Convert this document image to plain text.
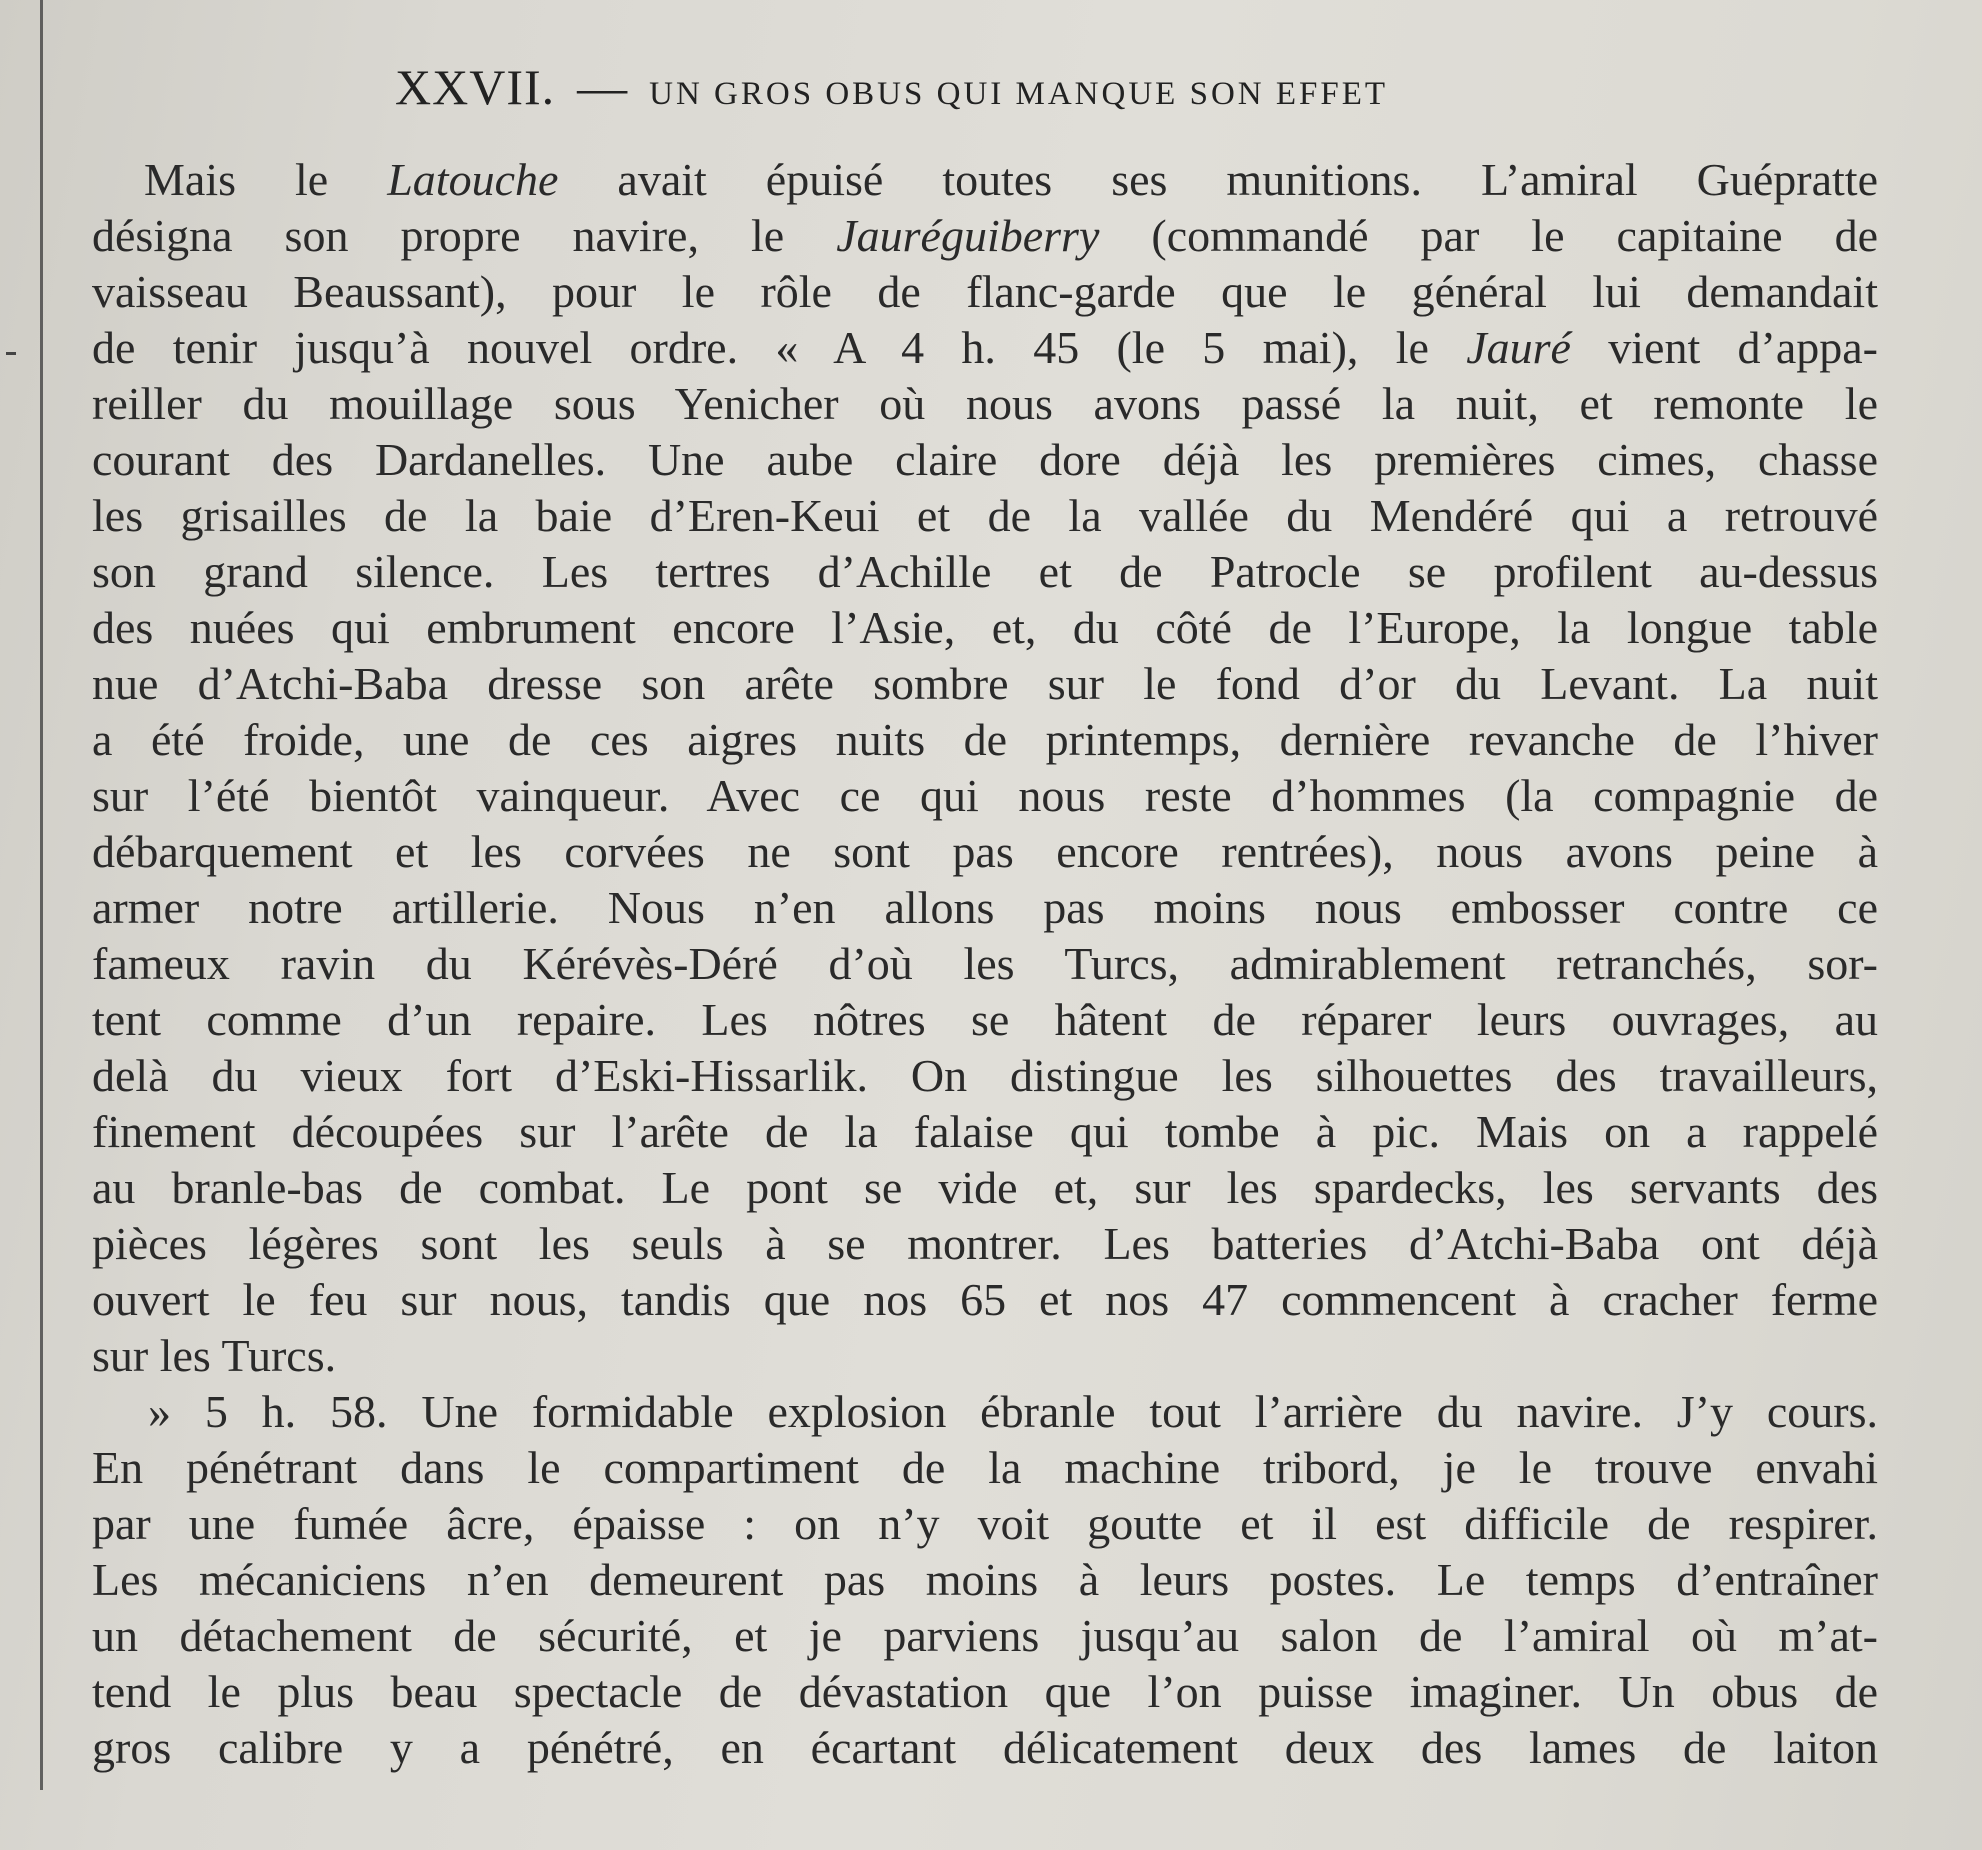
XXVII. — UN GROS OBUS QUI MANQUE SON EFFET
Mais le Latouche avait épuisé toutes ses munitions. L’amiral Guépratte
désigna son propre navire, le Jauréguiberry (commandé par le capitaine de
vaisseau Beaussant), pour le rôle de flanc-garde que le général lui demandait
de tenir jusqu’à nouvel ordre. « A 4 h. 45 (le 5 mai), le Jauré vient d’appa-
reiller du mouillage sous Yenicher où nous avons passé la nuit, et remonte le
courant des Dardanelles. Une aube claire dore déjà les premières cimes, chasse
les grisailles de la baie d’Eren-Keui et de la vallée du Mendéré qui a retrouvé
son grand silence. Les tertres d’Achille et de Patrocle se profilent au-dessus
des nuées qui embrument encore l’Asie, et, du côté de l’Europe, la longue table
nue d’Atchi-Baba dresse son arête sombre sur le fond d’or du Levant. La nuit
a été froide, une de ces aigres nuits de printemps, dernière revanche de l’hiver
sur l’été bientôt vainqueur. Avec ce qui nous reste d’hommes (la compagnie de
débarquement et les corvées ne sont pas encore rentrées), nous avons peine à
armer notre artillerie. Nous n’en allons pas moins nous embosser contre ce
fameux ravin du Kérévès-Déré d’où les Turcs, admirablement retranchés, sor-
tent comme d’un repaire. Les nôtres se hâtent de réparer leurs ouvrages, au
delà du vieux fort d’Eski-Hissarlik. On distingue les silhouettes des travailleurs,
finement découpées sur l’arête de la falaise qui tombe à pic. Mais on a rappelé
au branle-bas de combat. Le pont se vide et, sur les spardecks, les servants des
pièces légères sont les seuls à se montrer. Les batteries d’Atchi-Baba ont déjà
ouvert le feu sur nous, tandis que nos 65 et nos 47 commencent à cracher ferme
sur les Turcs.
» 5 h. 58. Une formidable explosion ébranle tout l’arrière du navire. J’y cours.
En pénétrant dans le compartiment de la machine tribord, je le trouve envahi
par une fumée âcre, épaisse : on n’y voit goutte et il est difficile de respirer.
Les mécaniciens n’en demeurent pas moins à leurs postes. Le temps d’entraîner
un détachement de sécurité, et je parviens jusqu’au salon de l’amiral où m’at-
tend le plus beau spectacle de dévastation que l’on puisse imaginer. Un obus de
gros calibre y a pénétré, en écartant délicatement deux des lames de laiton
